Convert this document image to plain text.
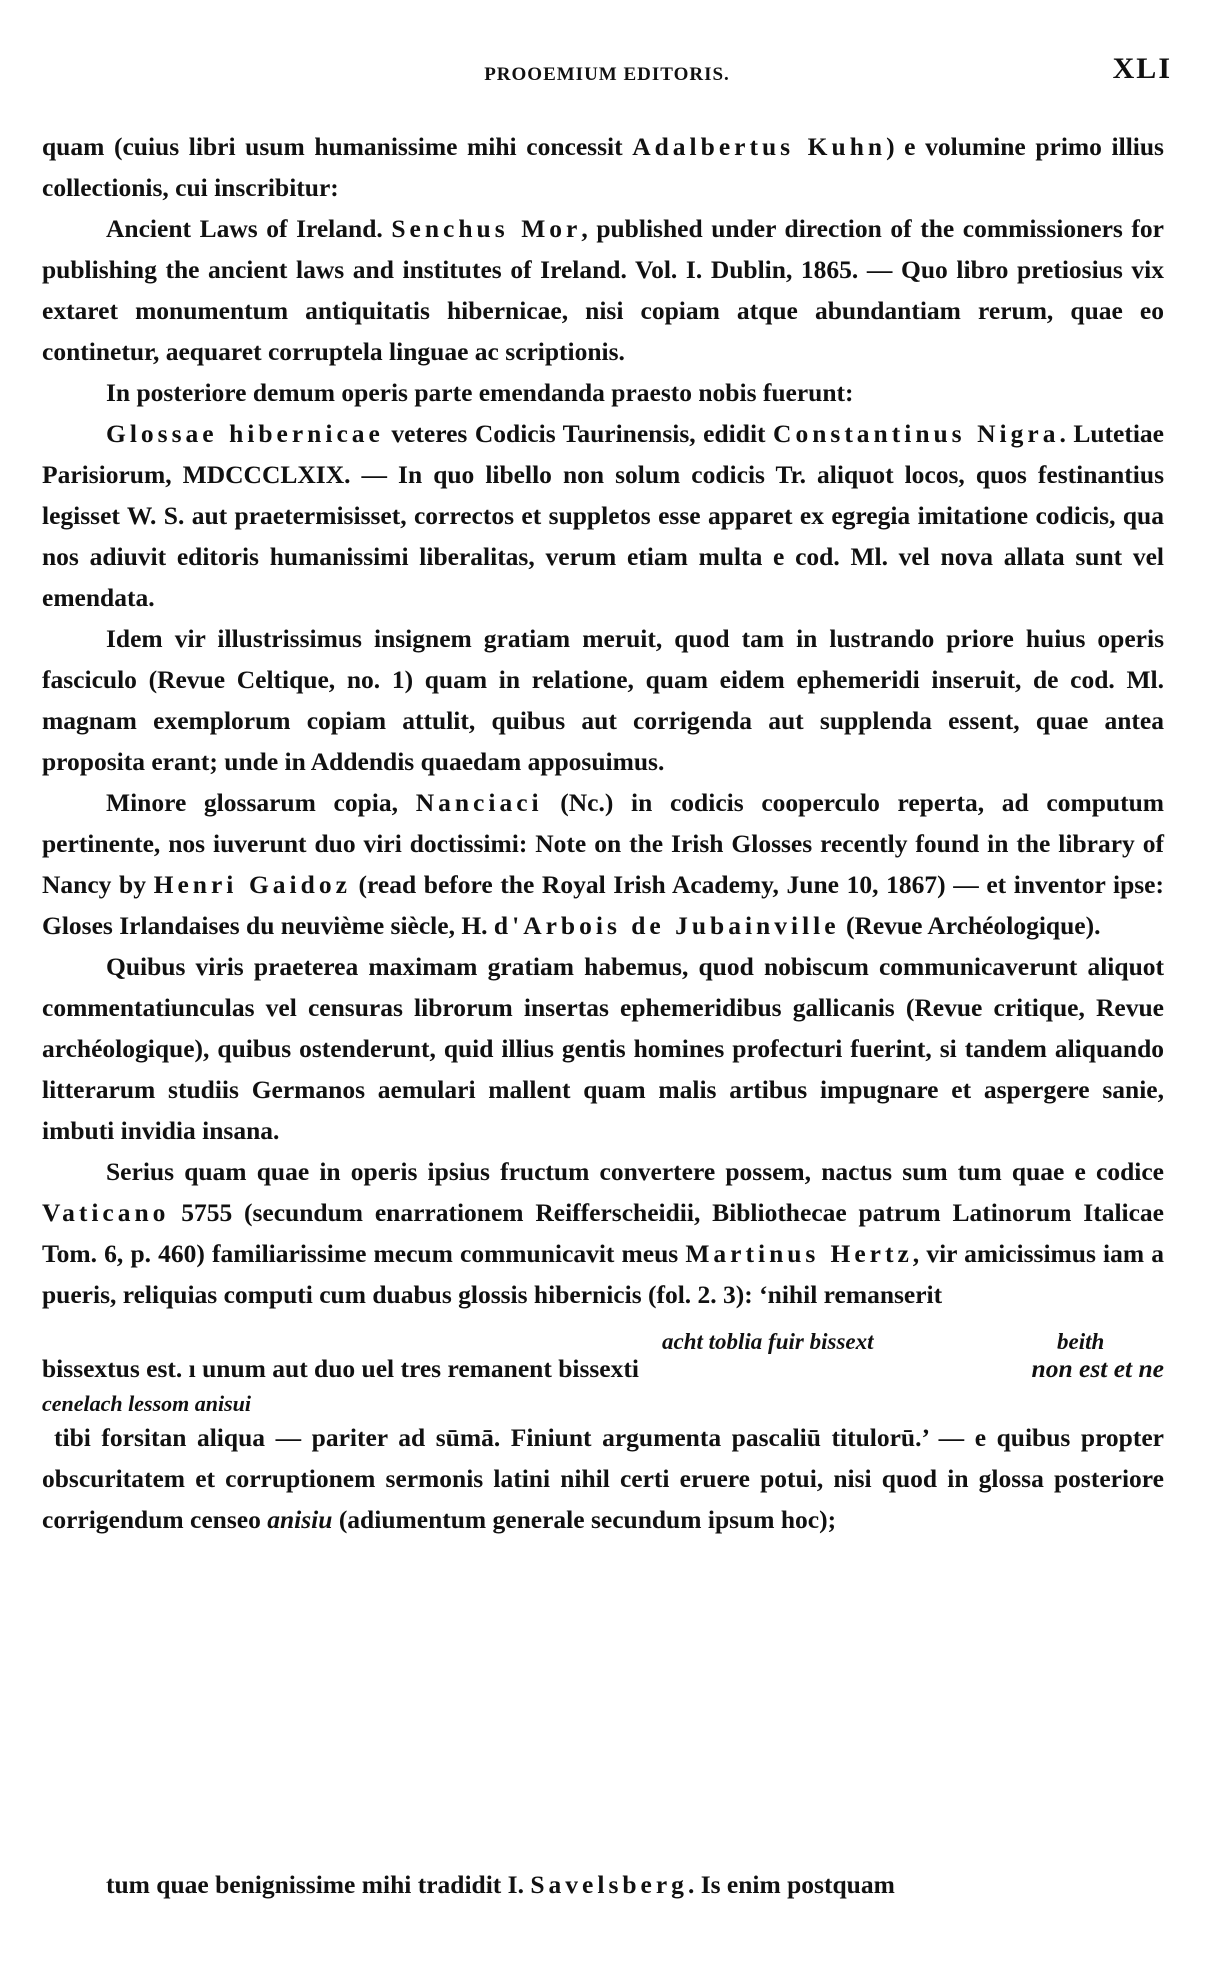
PROOEMIUM EDITORIS.	XLI

quam (cuius libri usum humanissime mihi concessit Adalbertus Kuhn) e volumine primo illius collectionis, cui inscribitur:

Ancient Laws of Ireland. Senchus Mor, published under direction of the commissioners for publishing the ancient laws and institutes of Ireland. Vol. I. Dublin, 1865. — Quo libro pretiosius vix extaret monumentum antiquitatis hibernicae, nisi copiam atque abundantiam rerum, quae eo continetur, aequaret corruptela linguae ac scriptionis.

In posteriore demum operis parte emendanda praesto nobis fuerunt:

Glossae hibernicae veteres Codicis Taurinensis, edidit Constantinus Nigra. Lutetiae Parisiorum, MDCCCLXIX. — In quo libello non solum codicis Tr. aliquot locos, quos festinantius legisset W. S. aut praetermisisset, correctos et suppletos esse apparet ex egregia imitatione codicis, qua nos adiuvit editoris humanissimi liberalitas, verum etiam multa e cod. Ml. vel nova allata sunt vel emendata.

Idem vir illustrissimus insignem gratiam meruit, quod tam in lustrando priore huius operis fasciculo (Revue Celtique, no. 1) quam in relatione, quam eidem ephemeridi inseruit, de cod. Ml. magnam exemplorum copiam attulit, quibus aut corrigenda aut supplenda essent, quae antea proposita erant; unde in Addendis quaedam apposuimus.

Minore glossarum copia, Nanciaci (Nc.) in codicis cooperculo reperta, ad computum pertinente, nos iuverunt duo viri doctissimi: Note on the Irish Glosses recently found in the library of Nancy by Henri Gaidoz (read before the Royal Irish Academy, June 10, 1867) — et inventor ipse: Gloses Irlandaises du neuvième siècle, H. d'Arbois de Jubainville (Revue Archéologique).

Quibus viris praeterea maximam gratiam habemus, quod nobiscum communicaverunt aliquot commentatiunculas vel censuras librorum insertas ephemeridibus gallicanis (Revue critique, Revue archéologique), quibus ostenderunt, quid illius gentis homines profecturi fuerint, si tandem aliquando litterarum studiis Germanos aemulari mallent quam malis artibus impugnare et aspergere sanie, imbuti invidia insana.

Serius quam quae in operis ipsius fructum convertere possem, nactus sum tum quae e codice Vaticano 5755 (secundum enarrationem Reifferscheidii, Bibliothecae patrum Latinorum Italicae Tom. 6, p. 460) familiarissime mecum communicavit meus Martinus Hertz, vir amicissimus iam a pueris, reliquias computi cum duabus glossis hibernicis (fol. 2. 3): ‘nihil remanserit

acht toblia fuir bissext	beith
bissextus est. ı unum aut duo uel tres remanent bissexti	non est et ne
cenelach lessom anisui

tibi forsitan aliqua — pariter ad sūmā. Finiunt argumenta pascaliū titulorū.’ — e quibus propter obscuritatem et corruptionem sermonis latini nihil certi eruere potui, nisi quod in glossa posteriore corrigendum censeo anisiu (adiumentum generale secundum ipsum hoc);

tum quae benignissime mihi tradidit I. Savelsberg. Is enim postquam
